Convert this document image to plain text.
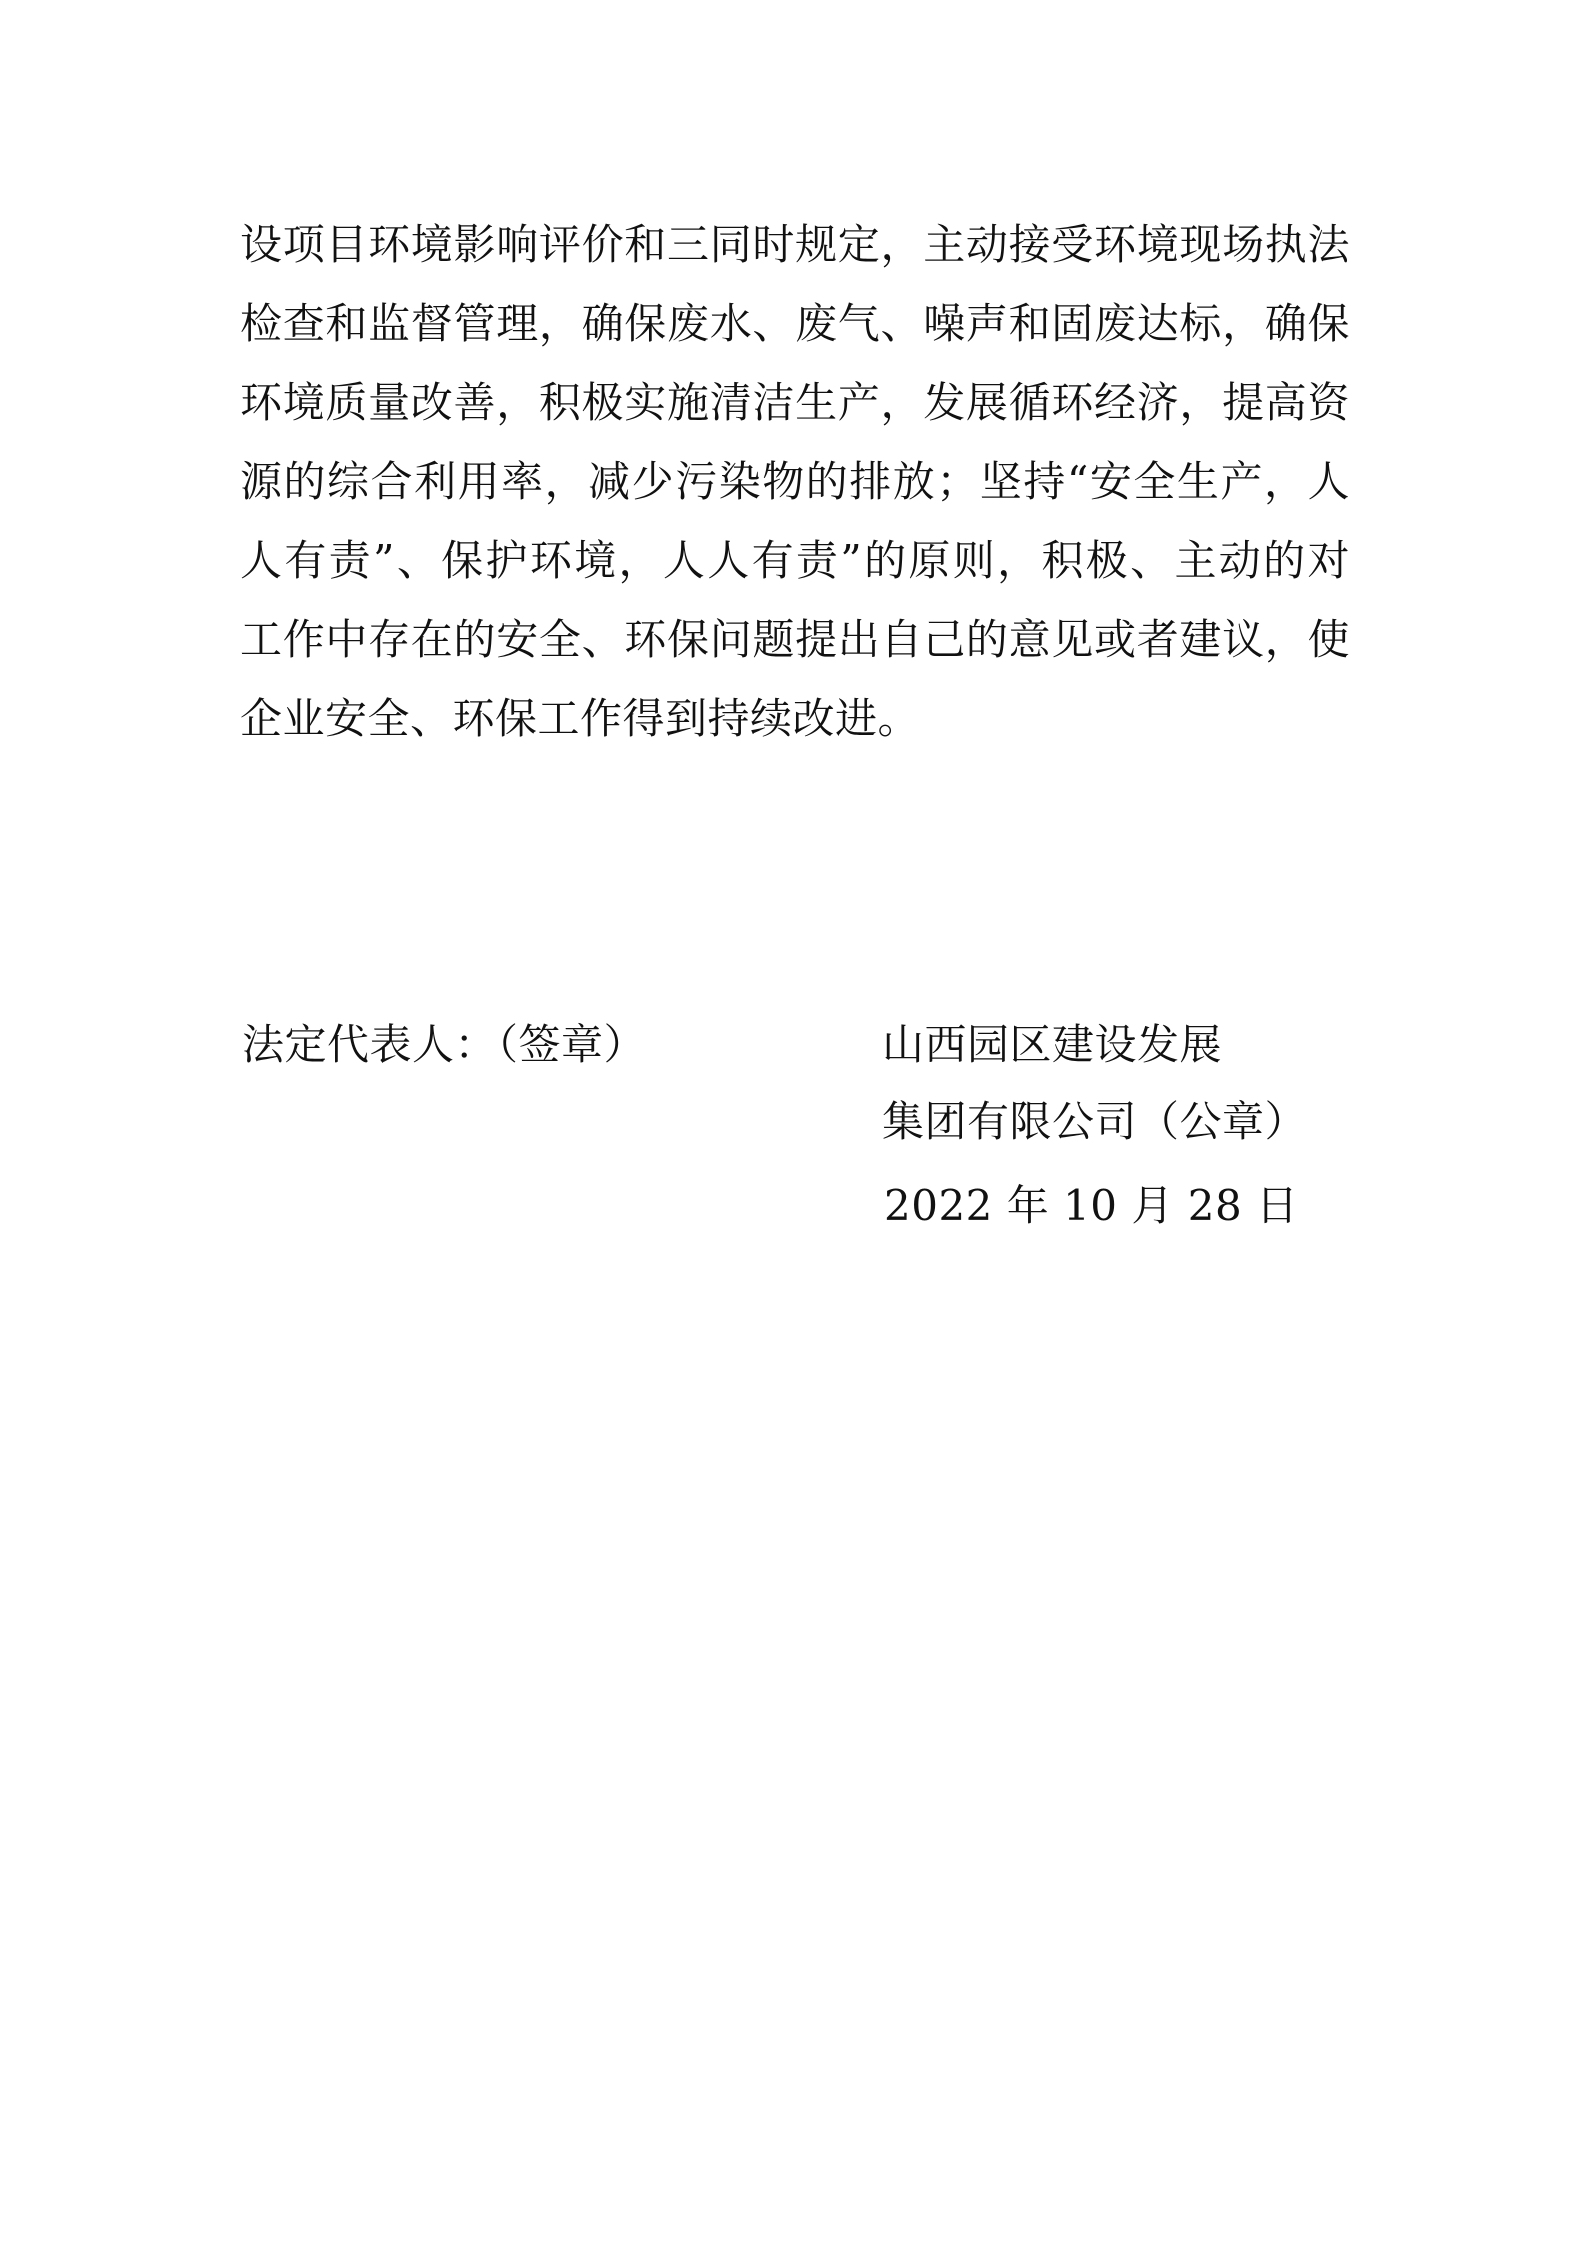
设项目环境影响评价和三同时规定，主动接受环境现场执法
检查和监督管理，确保废水、废气、噪声和固废达标，确保
环境质量改善，积极实施清洁生产，发展循环经济，提高资
源的综合利用率，减少污染物的排放；坚持“安全生产，人
人有责”、保护环境，人人有责”的原则，积极、主动的对
工作中存在的安全、环保问题提出自己的意见或者建议，使
企业安全、环保工作得到持续改进。
法定代表人：（签章）	山西园区建设发展
集团有限公司（公章）
2022 年 10 月 28 日
